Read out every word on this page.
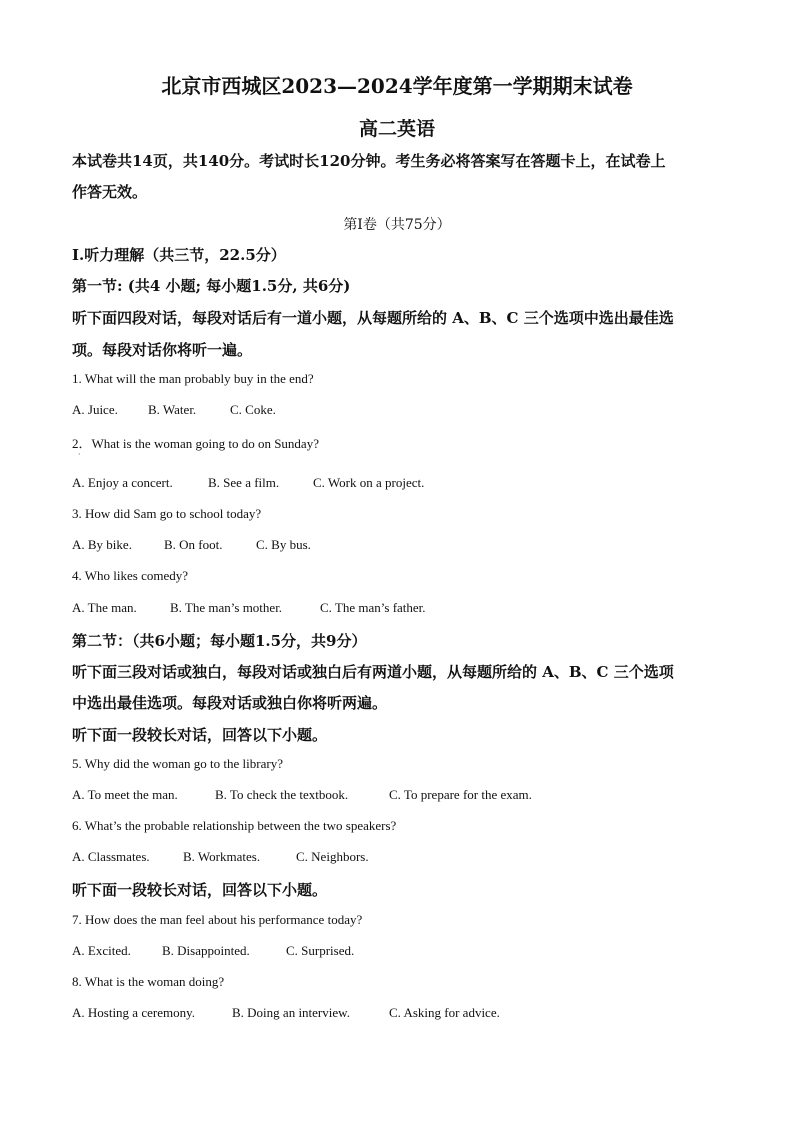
北京市西城区2023—2024学年度第一学期期末试卷
高二英语
本试卷共14页，共140分。考试时长120分钟。考生务必将答案写在答题卡上，在试卷上
作答无效。
第Ⅰ卷（共75分）
Ⅰ.听力理解（共三节，22.5分）
第一节: (共4 小题; 每小题1.5分, 共6分)
听下面四段对话，每段对话后有一道小题，从每题所给的 A、B、C 三个选项中选出最佳选
项。每段对话你将听一遍。
1. What will the man probably buy in the end?
A. Juice. B. Water.	C. Coke.
2．What is the woman going to do on Sunday?
·
A. Enjoy a concert.	B. See a film.	C. Work on a project.
3. How did Sam go to school today?
A. By bike. B. On foot.	C. By bus.
4. Who likes comedy?
A. The man.	B. The man’s mother.	C. The man’s father.
第二节：（共6小题；每小题1.5分，共9分）
听下面三段对话或独白，每段对话或独白后有两道小题，从每题所给的 A、B、C 三个选项
中选出最佳选项。每段对话或独白你将听两遍。
听下面一段较长对话，回答以下小题。
5. Why did the woman go to the library?
A. To meet the man.	B. To check the textbook.	C. To prepare for the exam.
6. What’s the probable relationship between the two speakers?
A. Classmates.	B. Workmates.	C. Neighbors.
听下面一段较长对话，回答以下小题。
7. How does the man feel about his performance today?
A. Excited. B. Disappointed.	C. Surprised.
8. What is the woman doing?
A. Hosting a ceremony.	B. Doing an interview.	C. Asking for advice.
